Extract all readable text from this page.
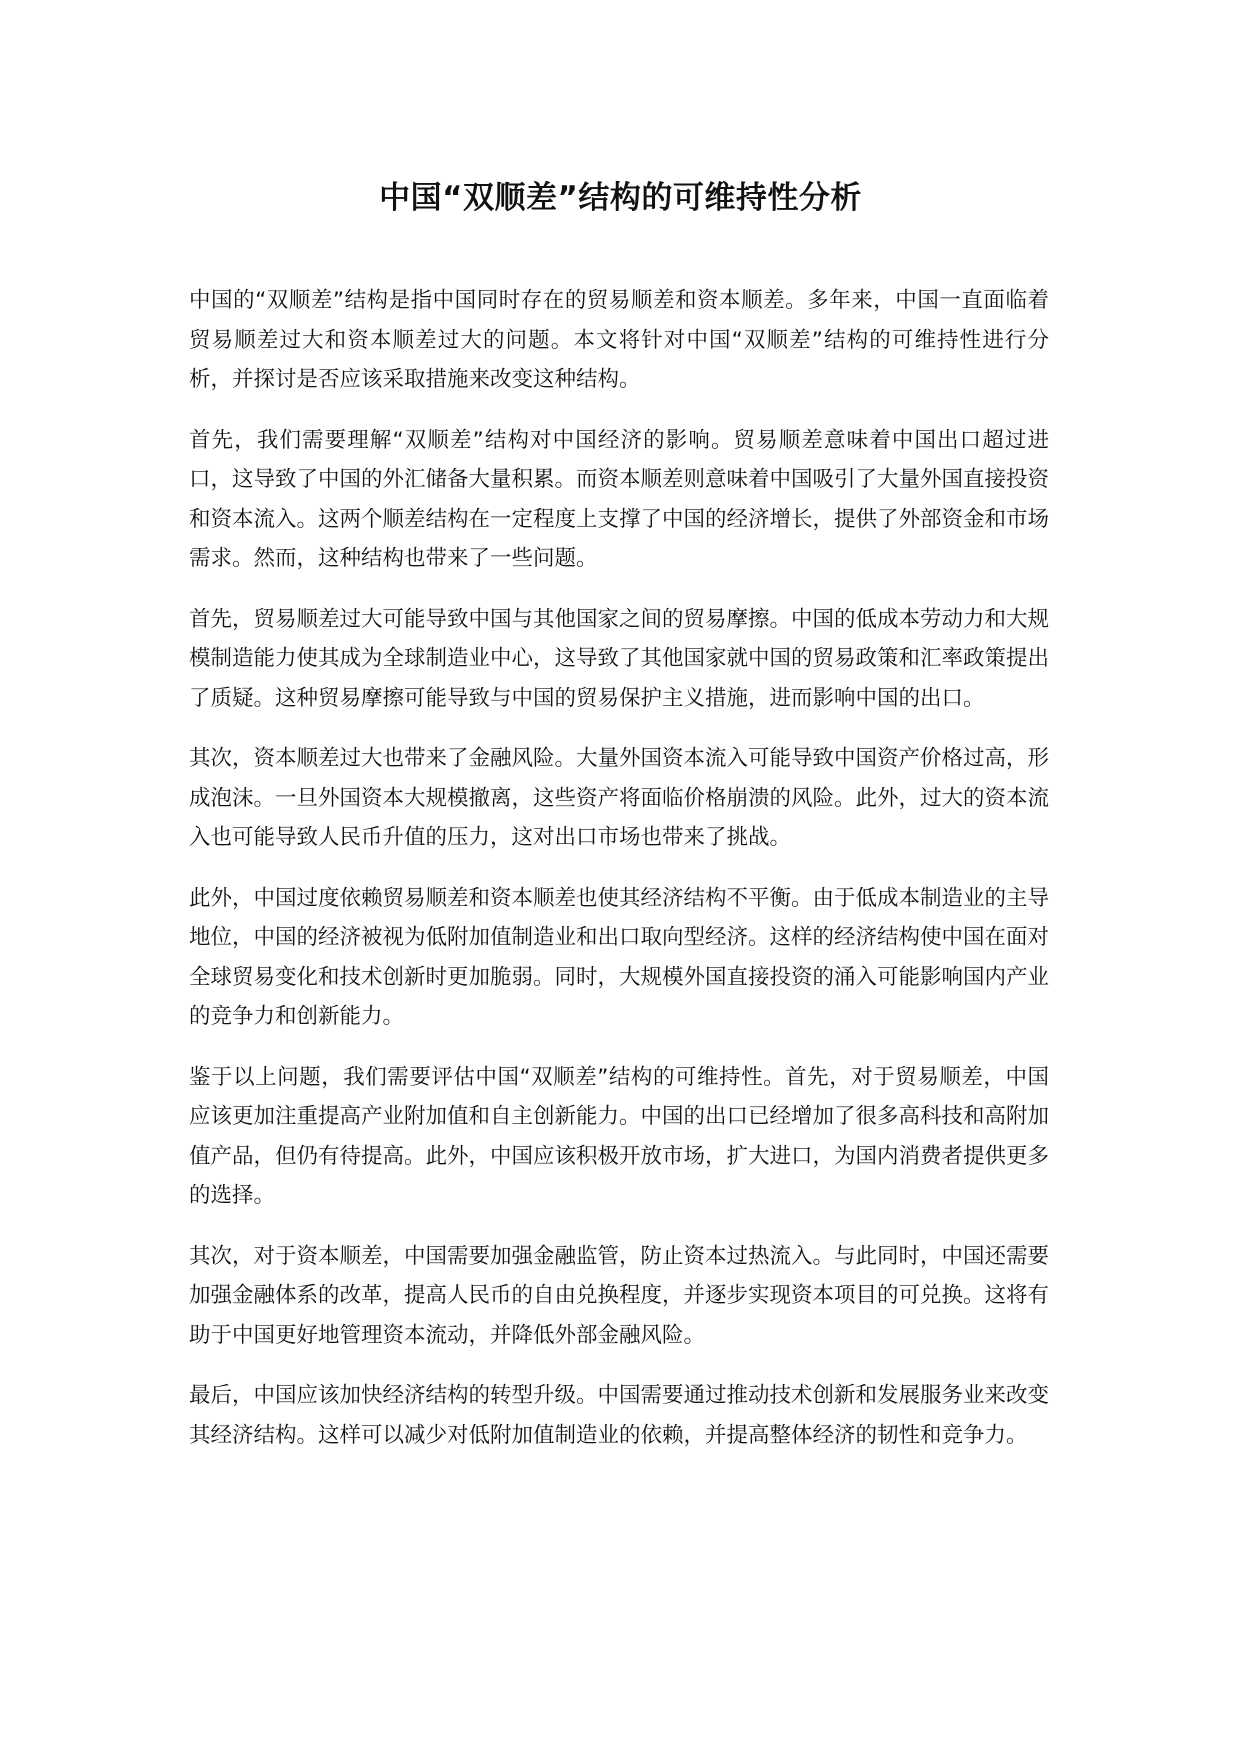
中国“双顺差”结构的可维持性分析

中国的“双顺差”结构是指中国同时存在的贸易顺差和资本顺差。多年来，中国一直面临着贸易顺差过大和资本顺差过大的问题。本文将针对中国“双顺差”结构的可维持性进行分析，并探讨是否应该采取措施来改变这种结构。

首先，我们需要理解“双顺差”结构对中国经济的影响。贸易顺差意味着中国出口超过进口，这导致了中国的外汇储备大量积累。而资本顺差则意味着中国吸引了大量外国直接投资和资本流入。这两个顺差结构在一定程度上支撑了中国的经济增长，提供了外部资金和市场需求。然而，这种结构也带来了一些问题。

首先，贸易顺差过大可能导致中国与其他国家之间的贸易摩擦。中国的低成本劳动力和大规模制造能力使其成为全球制造业中心，这导致了其他国家就中国的贸易政策和汇率政策提出了质疑。这种贸易摩擦可能导致与中国的贸易保护主义措施，进而影响中国的出口。

其次，资本顺差过大也带来了金融风险。大量外国资本流入可能导致中国资产价格过高，形成泡沫。一旦外国资本大规模撤离，这些资产将面临价格崩溃的风险。此外，过大的资本流入也可能导致人民币升值的压力，这对出口市场也带来了挑战。

此外，中国过度依赖贸易顺差和资本顺差也使其经济结构不平衡。由于低成本制造业的主导地位，中国的经济被视为低附加值制造业和出口取向型经济。这样的经济结构使中国在面对全球贸易变化和技术创新时更加脆弱。同时，大规模外国直接投资的涌入可能影响国内产业的竞争力和创新能力。

鉴于以上问题，我们需要评估中国“双顺差”结构的可维持性。首先，对于贸易顺差，中国应该更加注重提高产业附加值和自主创新能力。中国的出口已经增加了很多高科技和高附加值产品，但仍有待提高。此外，中国应该积极开放市场，扩大进口，为国内消费者提供更多的选择。

其次，对于资本顺差，中国需要加强金融监管，防止资本过热流入。与此同时，中国还需要加强金融体系的改革，提高人民币的自由兑换程度，并逐步实现资本项目的可兑换。这将有助于中国更好地管理资本流动，并降低外部金融风险。

最后，中国应该加快经济结构的转型升级。中国需要通过推动技术创新和发展服务业来改变其经济结构。这样可以减少对低附加值制造业的依赖，并提高整体经济的韧性和竞争力。
